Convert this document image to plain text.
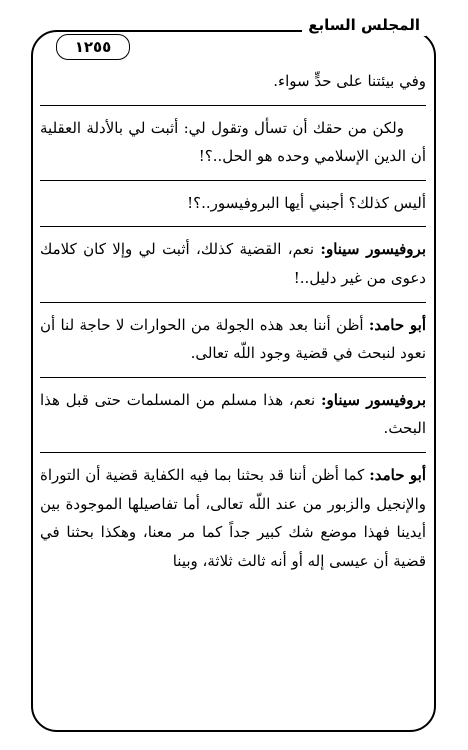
المجلس السابع
١٢٥٥

وفي بيئتنا على حدٍّ سواء.

ولكن من حقك أن تسأل وتقول لي: أثبت لي بالأدلة العقلية أن الدين الإسلامي وحده هو الحل..؟!

أليس كذلك؟ أجبني أيها البروفيسور..؟!

بروفيسور سيناو: نعم، القضية كذلك، أثبت لي وإلا كان كلامك دعوى من غير دليل..!

أبو حامد: أظن أننا بعد هذه الجولة من الحوارات لا حاجة لنا أن نعود لنبحث في قضية وجود اللّه تعالى.

بروفيسور سيناو: نعم، هذا مسلم من المسلمات حتى قبل هذا البحث.

أبو حامد: كما أظن أننا قد بحثنا بما فيه الكفاية قضية أن التوراة والإنجيل والزبور من عند اللّه تعالى، أما تفاصيلها الموجودة بين أيدينا فهذا موضع شك كبير جداً كما مر معنا، وهكذا بحثنا في قضية أن عيسى إله أو أنه ثالث ثلاثة، وبينا
